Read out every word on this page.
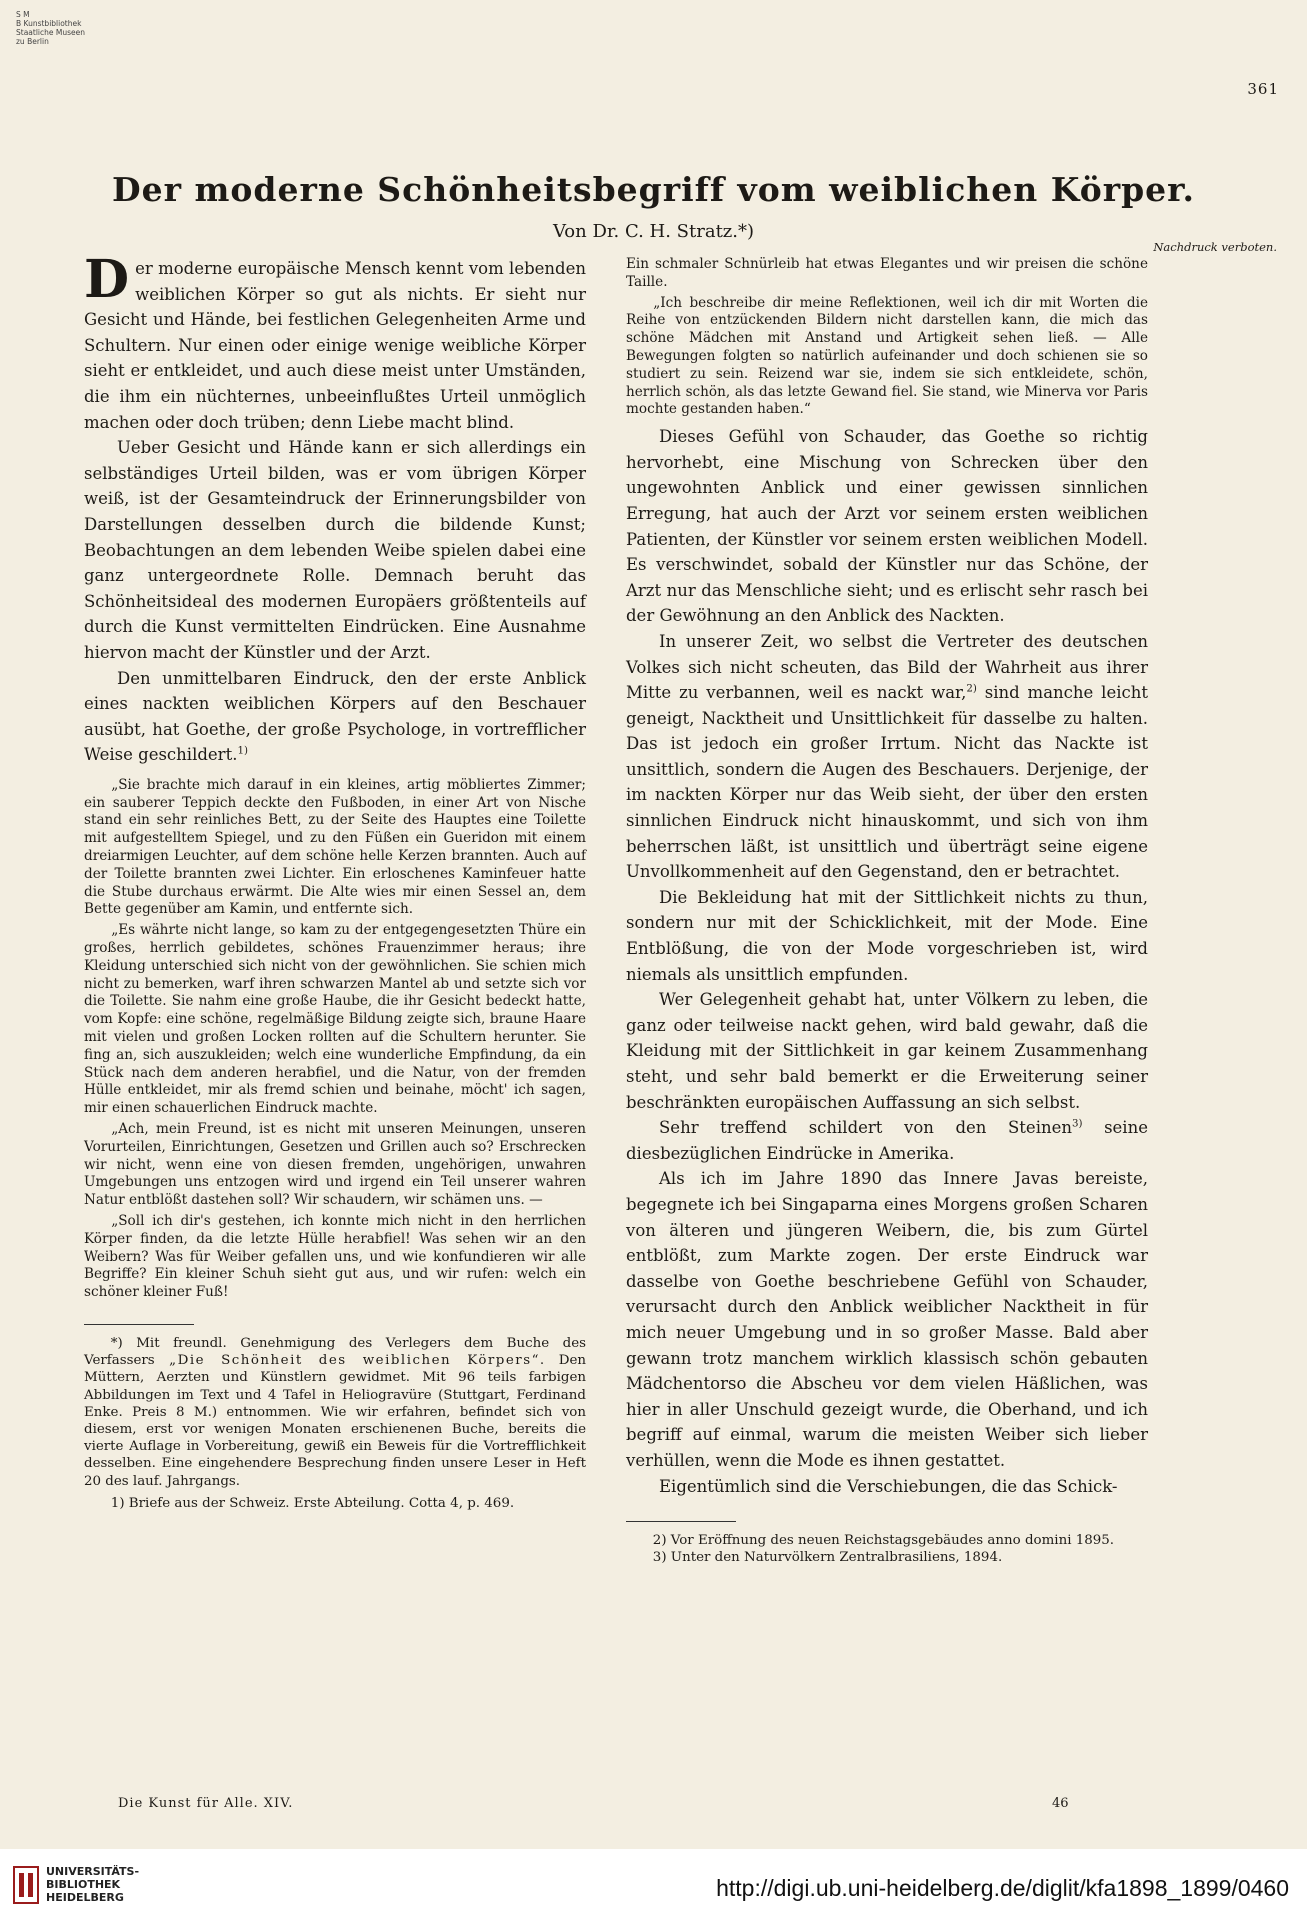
S M
B Kunstbibliothek
Staatliche Museen
zu Berlin
361
Der moderne Schönheitsbegriff vom weiblichen Körper.
Von Dr. C. H. Stratz.*)
Nachdruck verboten.

Der moderne europäische Mensch kennt vom lebenden weiblichen Körper so gut als nichts. Er sieht nur Gesicht und Hände, bei festlichen Gelegenheiten Arme und Schultern. Nur einen oder einige wenige weibliche Körper sieht er entkleidet, und auch diese meist unter Umständen, die ihm ein nüchternes, unbeeinflußtes Urteil unmöglich machen oder doch trüben; denn Liebe macht blind.

Ueber Gesicht und Hände kann er sich allerdings ein selbständiges Urteil bilden, was er vom übrigen Körper weiß, ist der Gesamteindruck der Erinnerungsbilder von Darstellungen desselben durch die bildende Kunst; Beobachtungen an dem lebenden Weibe spielen dabei eine ganz untergeordnete Rolle. Demnach beruht das Schönheitsideal des modernen Europäers größtenteils auf durch die Kunst vermittelten Eindrücken. Eine Ausnahme hiervon macht der Künstler und der Arzt.

Den unmittelbaren Eindruck, den der erste Anblick eines nackten weiblichen Körpers auf den Beschauer ausübt, hat Goethe, der große Psychologe, in vortrefflicher Weise geschildert.$^{1)}$

„Sie brachte mich darauf in ein kleines, artig möbliertes Zimmer; ein sauberer Teppich deckte den Fußboden, in einer Art von Nische stand ein sehr reinliches Bett, zu der Seite des Hauptes eine Toilette mit aufgestelltem Spiegel, und zu den Füßen ein Gueridon mit einem dreiarmigen Leuchter, auf dem schöne helle Kerzen brannten. Auch auf der Toilette brannten zwei Lichter. Ein erloschenes Kaminfeuer hatte die Stube durchaus erwärmt. Die Alte wies mir einen Sessel an, dem Bette gegenüber am Kamin, und entfernte sich.

„Es währte nicht lange, so kam zu der entgegengesetzten Thüre ein großes, herrlich gebildetes, schönes Frauenzimmer heraus; ihre Kleidung unterschied sich nicht von der gewöhnlichen. Sie schien mich nicht zu bemerken, warf ihren schwarzen Mantel ab und setzte sich vor die Toilette. Sie nahm eine große Haube, die ihr Gesicht bedeckt hatte, vom Kopfe: eine schöne, regelmäßige Bildung zeigte sich, braune Haare mit vielen und großen Locken rollten auf die Schultern herunter. Sie fing an, sich auszukleiden; welch eine wunderliche Empfindung, da ein Stück nach dem anderen herabfiel, und die Natur, von der fremden Hülle entkleidet, mir als fremd schien und beinahe, möcht' ich sagen, mir einen schauerlichen Eindruck machte.

„Ach, mein Freund, ist es nicht mit unseren Meinungen, unseren Vorurteilen, Einrichtungen, Gesetzen und Grillen auch so? Erschrecken wir nicht, wenn eine von diesen fremden, ungehörigen, unwahren Umgebungen uns entzogen wird und irgend ein Teil unserer wahren Natur entblößt dastehen soll? Wir schaudern, wir schämen uns. —

„Soll ich dir's gestehen, ich konnte mich nicht in den herrlichen Körper finden, da die letzte Hülle herabfiel! Was sehen wir an den Weibern? Was für Weiber gefallen uns, und wie konfundieren wir alle Begriffe? Ein kleiner Schuh sieht gut aus, und wir rufen: welch ein schöner kleiner Fuß!

*) Mit freundl. Genehmigung des Verlegers dem Buche des Verfassers „Die Schönheit des weiblichen Körpers“. Den Müttern, Aerzten und Künstlern gewidmet. Mit 96 teils farbigen Abbildungen im Text und 4 Tafel in Heliogravüre (Stuttgart, Ferdinand Enke. Preis 8 M.) entnommen. Wie wir erfahren, befindet sich von diesem, erst vor wenigen Monaten erschienenen Buche, bereits die vierte Auflage in Vorbereitung, gewiß ein Beweis für die Vortrefflichkeit desselben. Eine eingehendere Besprechung finden unsere Leser in Heft 20 des lauf. Jahrgangs.

1) Briefe aus der Schweiz. Erste Abteilung. Cotta 4, p. 469.

Ein schmaler Schnürleib hat etwas Elegantes und wir preisen die schöne Taille.

„Ich beschreibe dir meine Reflektionen, weil ich dir mit Worten die Reihe von entzückenden Bildern nicht darstellen kann, die mich das schöne Mädchen mit Anstand und Artigkeit sehen ließ. — Alle Bewegungen folgten so natürlich aufeinander und doch schienen sie so studiert zu sein. Reizend war sie, indem sie sich entkleidete, schön, herrlich schön, als das letzte Gewand fiel. Sie stand, wie Minerva vor Paris mochte gestanden haben.“

Dieses Gefühl von Schauder, das Goethe so richtig hervorhebt, eine Mischung von Schrecken über den ungewohnten Anblick und einer gewissen sinnlichen Erregung, hat auch der Arzt vor seinem ersten weiblichen Patienten, der Künstler vor seinem ersten weiblichen Modell. Es verschwindet, sobald der Künstler nur das Schöne, der Arzt nur das Menschliche sieht; und es erlischt sehr rasch bei der Gewöhnung an den Anblick des Nackten.

In unserer Zeit, wo selbst die Vertreter des deutschen Volkes sich nicht scheuten, das Bild der Wahrheit aus ihrer Mitte zu verbannen, weil es nackt war,$^{2)}$ sind manche leicht geneigt, Nacktheit und Unsittlichkeit für dasselbe zu halten. Das ist jedoch ein großer Irrtum. Nicht das Nackte ist unsittlich, sondern die Augen des Beschauers. Derjenige, der im nackten Körper nur das Weib sieht, der über den ersten sinnlichen Eindruck nicht hinauskommt, und sich von ihm beherrschen läßt, ist unsittlich und überträgt seine eigene Unvollkommenheit auf den Gegenstand, den er betrachtet.

Die Bekleidung hat mit der Sittlichkeit nichts zu thun, sondern nur mit der Schicklichkeit, mit der Mode. Eine Entblößung, die von der Mode vorgeschrieben ist, wird niemals als unsittlich empfunden.

Wer Gelegenheit gehabt hat, unter Völkern zu leben, die ganz oder teilweise nackt gehen, wird bald gewahr, daß die Kleidung mit der Sittlichkeit in gar keinem Zusammenhang steht, und sehr bald bemerkt er die Erweiterung seiner beschränkten europäischen Auffassung an sich selbst.

Sehr treffend schildert von den Steinen$^{3)}$ seine diesbezüglichen Eindrücke in Amerika.

Als ich im Jahre 1890 das Innere Javas bereiste, begegnete ich bei Singaparna eines Morgens großen Scharen von älteren und jüngeren Weibern, die, bis zum Gürtel entblößt, zum Markte zogen. Der erste Eindruck war dasselbe von Goethe beschriebene Gefühl von Schauder, verursacht durch den Anblick weiblicher Nacktheit in für mich neuer Umgebung und in so großer Masse. Bald aber gewann trotz manchem wirklich klassisch schön gebauten Mädchentorso die Abscheu vor dem vielen Häßlichen, was hier in aller Unschuld gezeigt wurde, die Oberhand, und ich begriff auf einmal, warum die meisten Weiber sich lieber verhüllen, wenn die Mode es ihnen gestattet.

Eigentümlich sind die Verschiebungen, die das Schick-

2) Vor Eröffnung des neuen Reichstagsgebäudes anno domini 1895.

3) Unter den Naturvölkern Zentralbrasiliens, 1894.

Die Kunst für Alle. XIV.	46
UNIVERSITÄTS-
BIBLIOTHEK
HEIDELBERG	http://digi.ub.uni-heidelberg.de/diglit/kfa1898_1899/0460
